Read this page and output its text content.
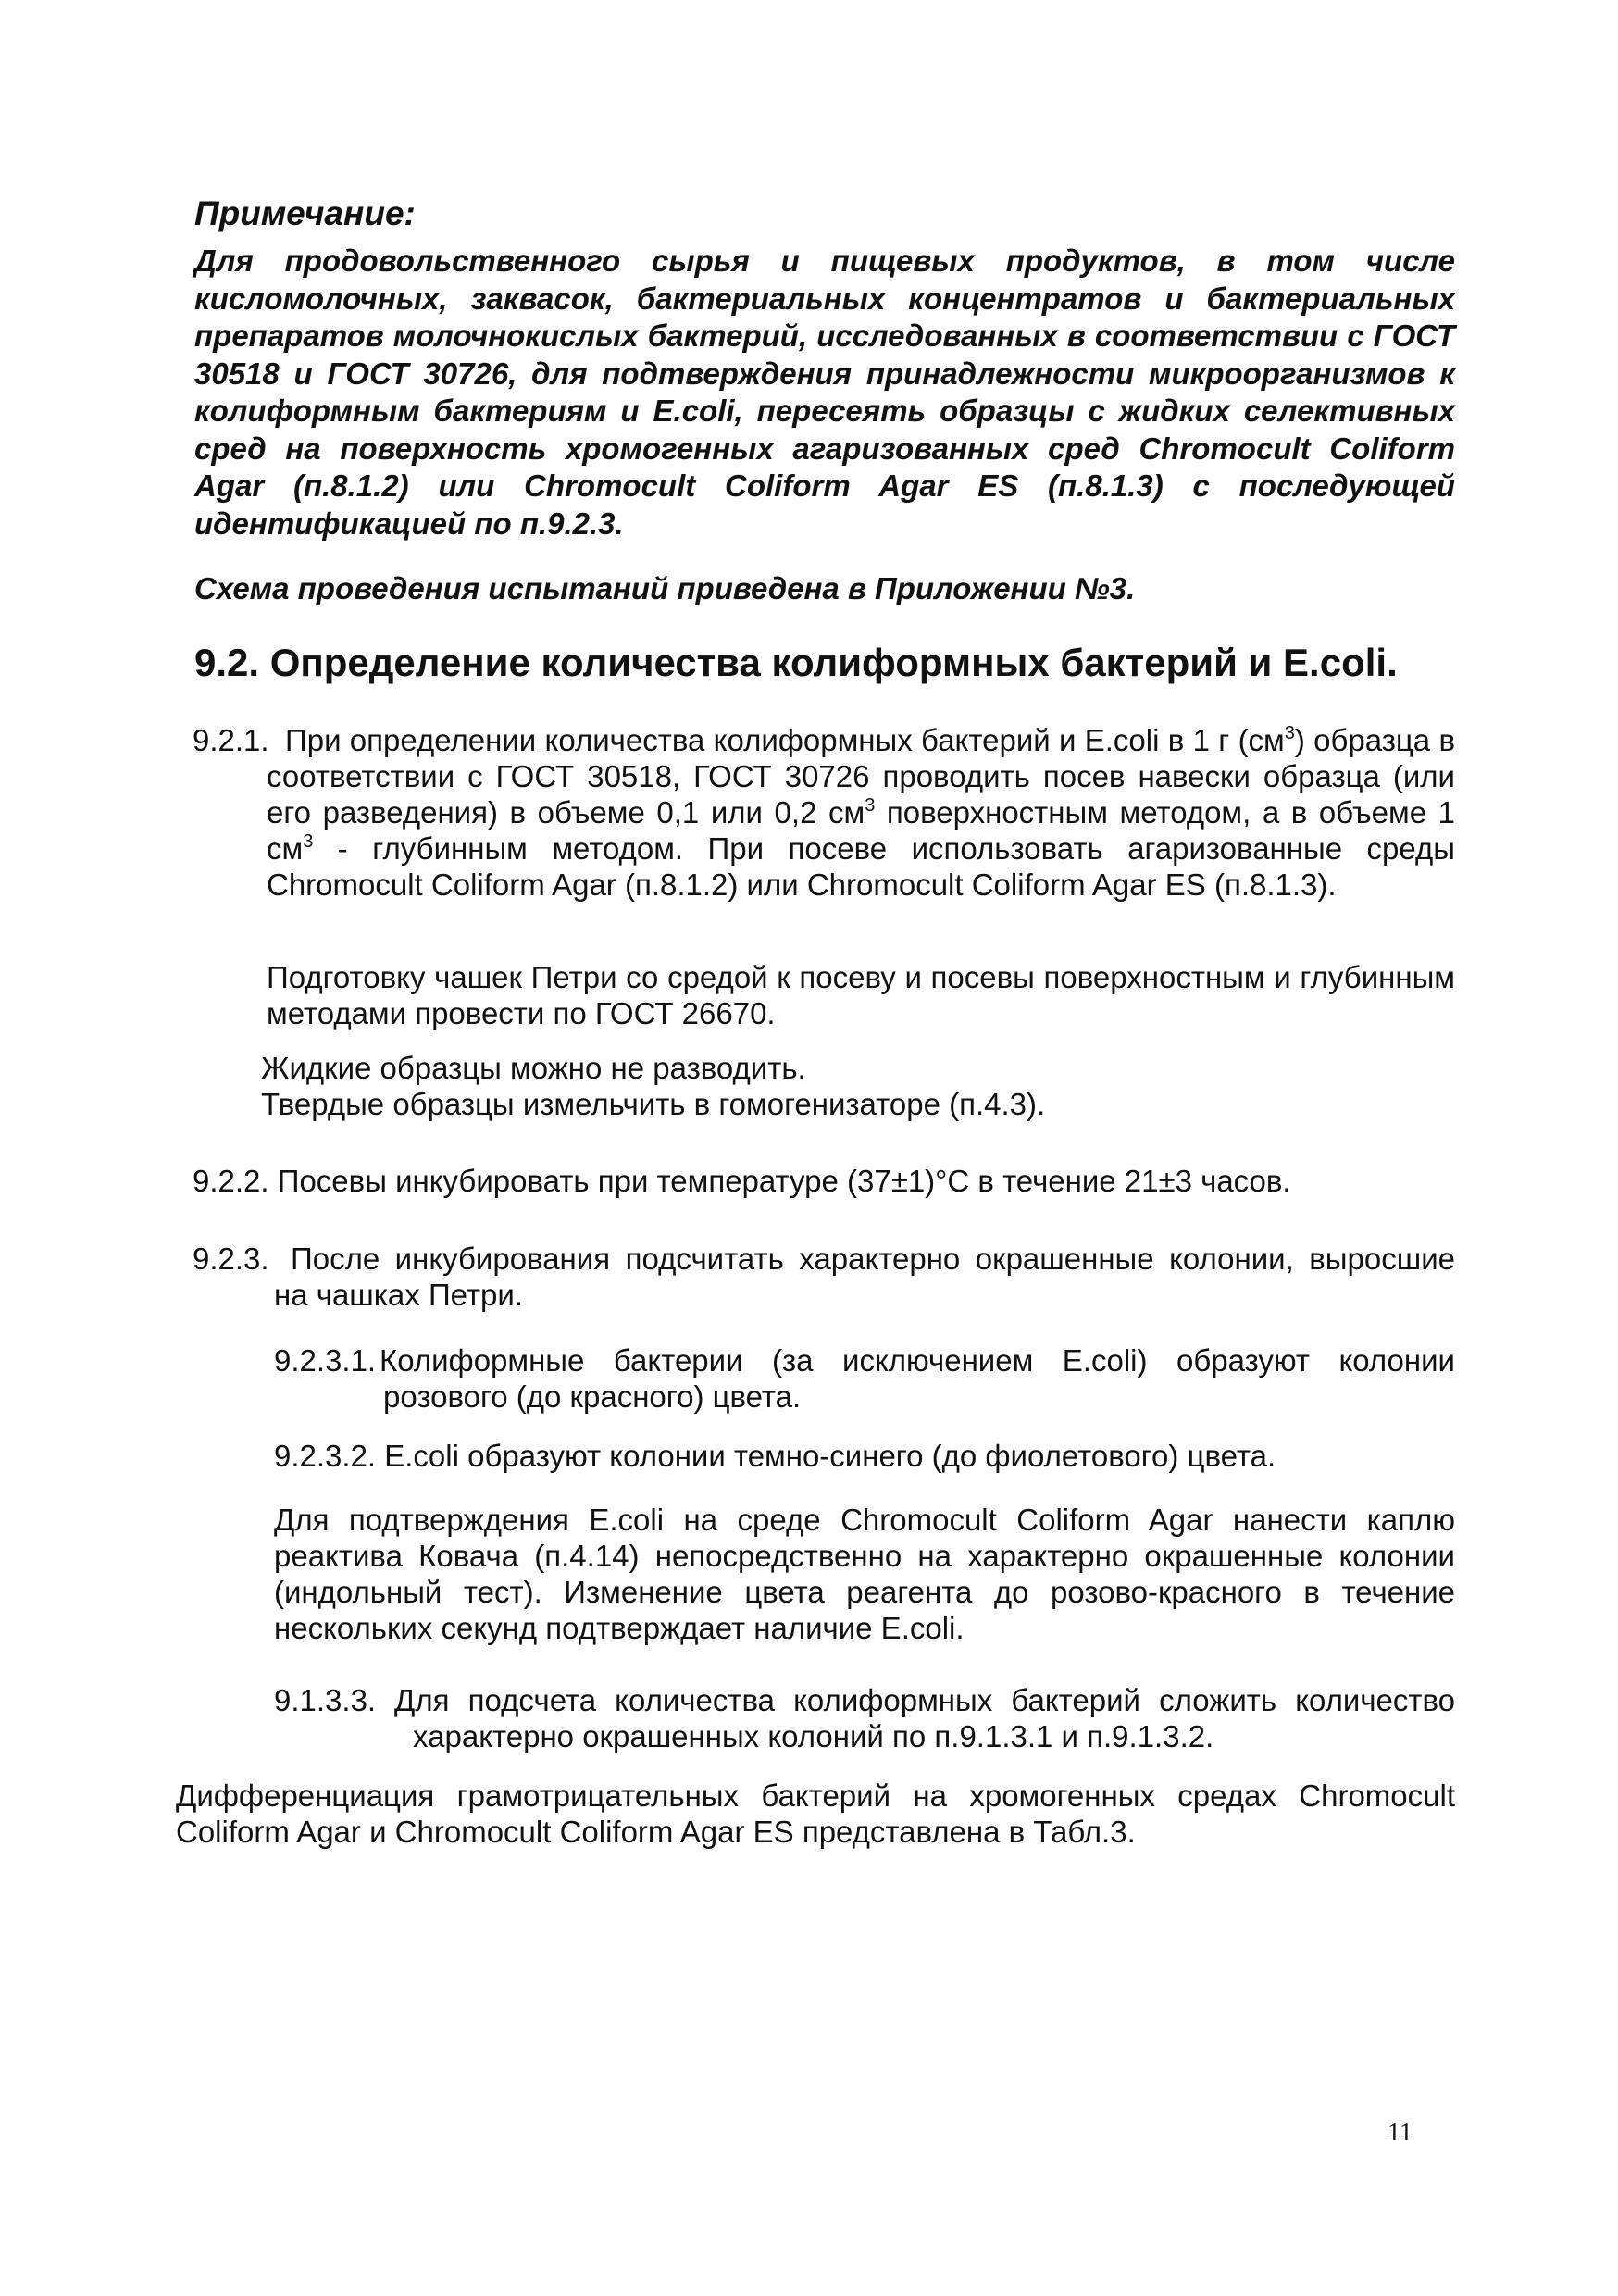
Примечание:

Для продовольственного сырья и пищевых продуктов, в том числе кисломолочных, заквасок, бактериальных концентратов и бактериальных препаратов молочнокислых бактерий, исследованных в соответствии с ГОСТ 30518 и ГОСТ 30726, для подтверждения принадлежности микроорганизмов к колиформным бактериям и E.coli, пересеять образцы с жидких селективных сред на поверхность хромогенных агаризованных сред Chromocult Coliform Agar (п.8.1.2) или Chromocult Coliform Agar ES (п.8.1.3) с последующей идентификацией по п.9.2.3.

Схема проведения испытаний приведена в Приложении №3.
9.2. Определение количества колиформных бактерий и E.coli.
9.2.1. При определении количества колиформных бактерий и E.coli в 1 г $(см^3)$ образца в соответствии с ГОСТ 30518, ГОСТ 30726 проводить посев навески образца (или его разведения) в объеме 0,1 или 0,2 $см^3$ поверхностным методом, а в объеме 1 $см^3$ - глубинным методом. При посеве использовать агаризованные среды Chromocult Coliform Agar (п.8.1.2) или Chromocult Coliform Agar ES (п.8.1.3).

Подготовку чашек Петри со средой к посеву и посевы поверхностным и глубинным методами провести по ГОСТ 26670.

Жидкие образцы можно не разводить.
Твердые образцы измельчить в гомогенизаторе (п.4.3).
9.2.2. Посевы инкубировать при температуре (37±1)°С в течение 21±3 часов.
9.2.3. После инкубирования подсчитать характерно окрашенные колонии, выросшие на чашках Петри.
9.2.3.1. Колиформные бактерии (за исключением E.coli) образуют колонии розового (до красного) цвета.
9.2.3.2. E.coli образуют колонии темно-синего (до фиолетового) цвета.

Для подтверждения E.coli на среде Chromocult Coliform Agar нанести каплю реактива Ковача (п.4.14) непосредственно на характерно окрашенные колонии (индольный тест). Изменение цвета реагента до розово-красного в течение нескольких секунд подтверждает наличие E.coli.

9.1.3.3. Для подсчета количества колиформных бактерий сложить количество характерно окрашенных колоний по п.9.1.3.1 и п.9.1.3.2.

Дифференциация грамотрицательных бактерий на хромогенных средах Chromocult Coliform Agar и Chromocult Coliform Agar ES представлена в Табл.3.

11
